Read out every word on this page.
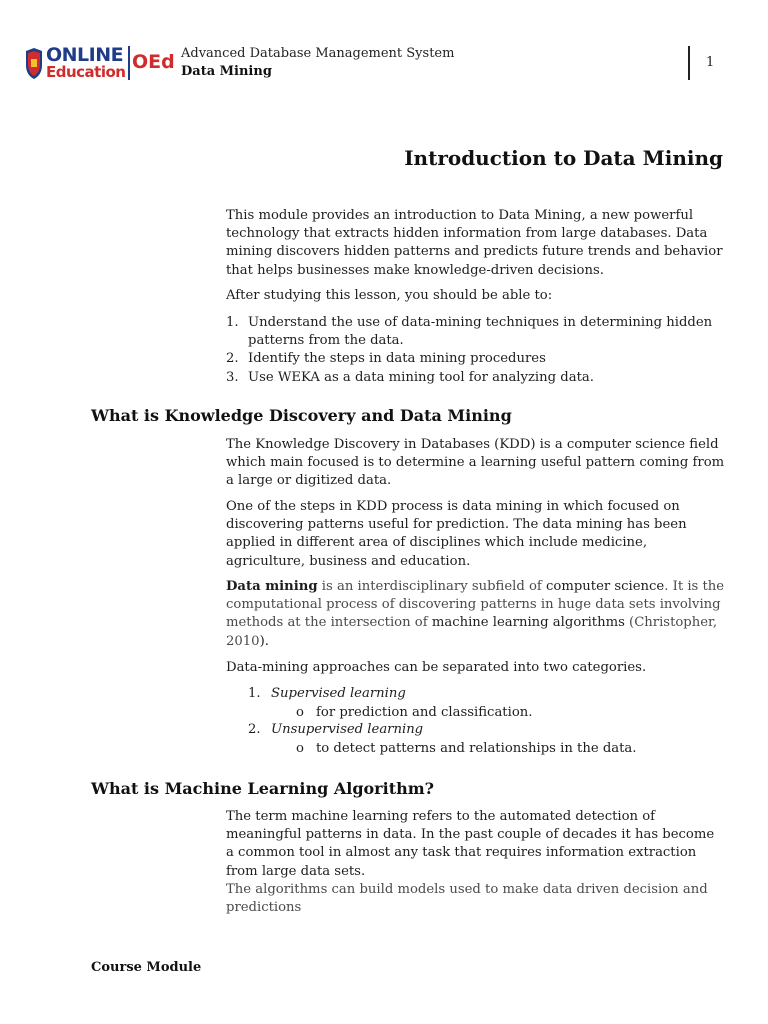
ONLINE
Education OEd Advanced Database Management System
Data Mining
1
Introduction to Data Mining

This module provides an introduction to Data Mining, a new powerful technology that extracts hidden information from large databases. Data mining discovers hidden patterns and predicts future trends and behavior that helps businesses make knowledge-driven decisions.

After studying this lesson, you should be able to:

1. Understand the use of data-mining techniques in determining hidden patterns from the data.
2. Identify the steps in data mining procedures
3. Use WEKA as a data mining tool for analyzing data.
What is Knowledge Discovery and Data Mining

The Knowledge Discovery in Databases (KDD) is a computer science field which main focused is to determine a learning useful pattern coming from a large or digitized data.

One of the steps in KDD process is data mining in which focused on discovering patterns useful for prediction. The data mining has been applied in different area of disciplines which include medicine, agriculture, business and education.

Data mining is an interdisciplinary subfield of computer science. It is the computational process of discovering patterns in huge data sets involving methods at the intersection of machine learning algorithms (Christopher, 2010).

Data-mining approaches can be separated into two categories.

1. Supervised learning
o for prediction and classification.
2. Unsupervised learning
o to detect patterns and relationships in the data.
What is Machine Learning Algorithm?

The term machine learning refers to the automated detection of meaningful patterns in data. In the past couple of decades it has become a common tool in almost any task that requires information extraction from large data sets.

The algorithms can build models used to make data driven decision and predictions

Course Module
